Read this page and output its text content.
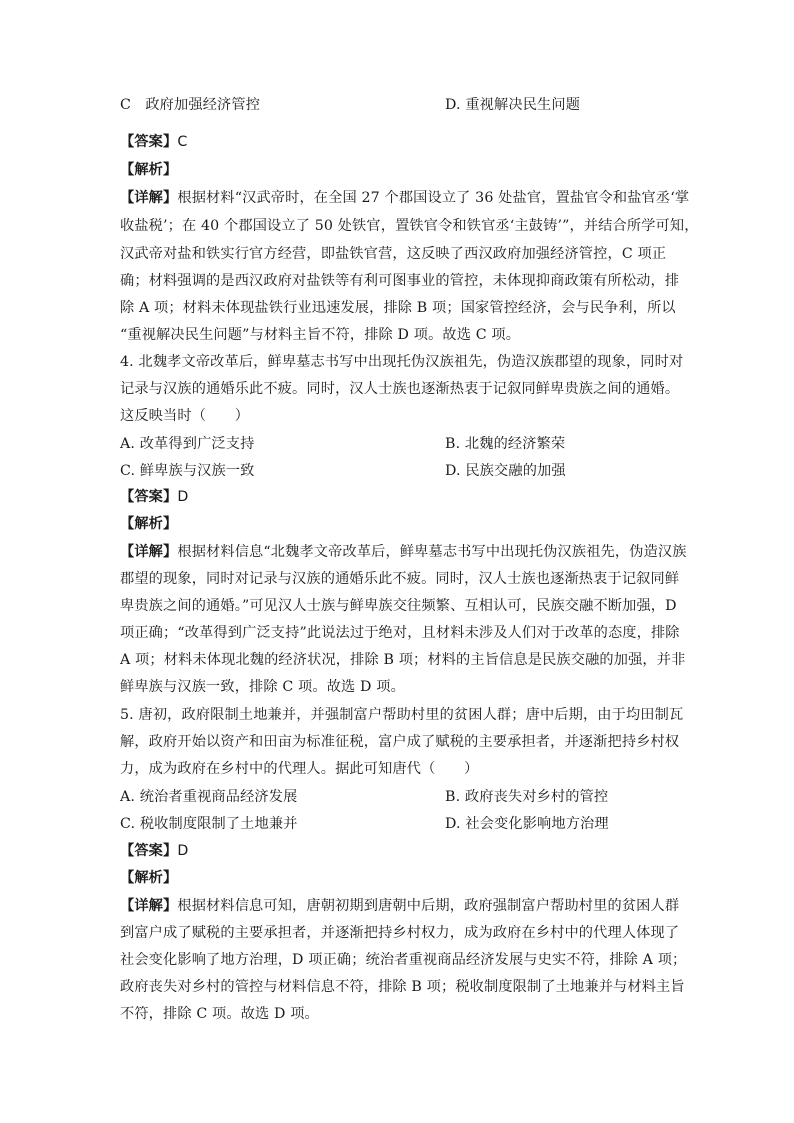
C　政府加强经济管控	D. 重视解决民生问题
【答案】C
【解析】
【详解】根据材料“汉武帝时，在全国 27 个郡国设立了 36 处盐官，置盐官令和盐官丞‘掌
收盐税’；在 40 个郡国设立了 50 处铁官，置铁官令和铁官丞‘主鼓铸’”，并结合所学可知，
汉武帝对盐和铁实行官方经营，即盐铁官营，这反映了西汉政府加强经济管控，C 项正
确；材料强调的是西汉政府对盐铁等有利可图事业的管控，未体现抑商政策有所松动，排
除 A 项；材料未体现盐铁行业迅速发展，排除 B 项；国家管控经济，会与民争利，所以
“重视解决民生问题”与材料主旨不符，排除 D 项。故选 C 项。
4. 北魏孝文帝改革后，鲜卑墓志书写中出现托伪汉族祖先，伪造汉族郡望的现象，同时对
记录与汉族的通婚乐此不疲。同时，汉人士族也逐渐热衷于记叙同鲜卑贵族之间的通婚。
这反映当时（　　）
A. 改革得到广泛支持	B. 北魏的经济繁荣
C. 鲜卑族与汉族一致	D. 民族交融的加强
【答案】D
【解析】
【详解】根据材料信息“北魏孝文帝改革后，鲜卑墓志书写中出现托伪汉族祖先，伪造汉族
郡望的现象，同时对记录与汉族的通婚乐此不疲。同时，汉人士族也逐渐热衷于记叙同鲜
卑贵族之间的通婚。”可见汉人士族与鲜卑族交往频繁、互相认可，民族交融不断加强，D
项正确；“改革得到广泛支持”此说法过于绝对，且材料未涉及人们对于改革的态度，排除
A 项；材料未体现北魏的经济状况，排除 B 项；材料的主旨信息是民族交融的加强，并非
鲜卑族与汉族一致，排除 C 项。故选 D 项。
5. 唐初，政府限制土地兼并，并强制富户帮助村里的贫困人群；唐中后期，由于均田制瓦
解，政府开始以资产和田亩为标准征税，富户成了赋税的主要承担者，并逐渐把持乡村权
力，成为政府在乡村中的代理人。据此可知唐代（　　）
A. 统治者重视商品经济发展	B. 政府丧失对乡村的管控
C. 税收制度限制了土地兼并	D. 社会变化影响地方治理
【答案】D
【解析】
【详解】根据材料信息可知，唐朝初期到唐朝中后期，政府强制富户帮助村里的贫困人群
到富户成了赋税的主要承担者，并逐渐把持乡村权力，成为政府在乡村中的代理人体现了
社会变化影响了地方治理，D 项正确；统治者重视商品经济发展与史实不符，排除 A 项；
政府丧失对乡村的管控与材料信息不符，排除 B 项；税收制度限制了土地兼并与材料主旨
不符，排除 C 项。故选 D 项。
